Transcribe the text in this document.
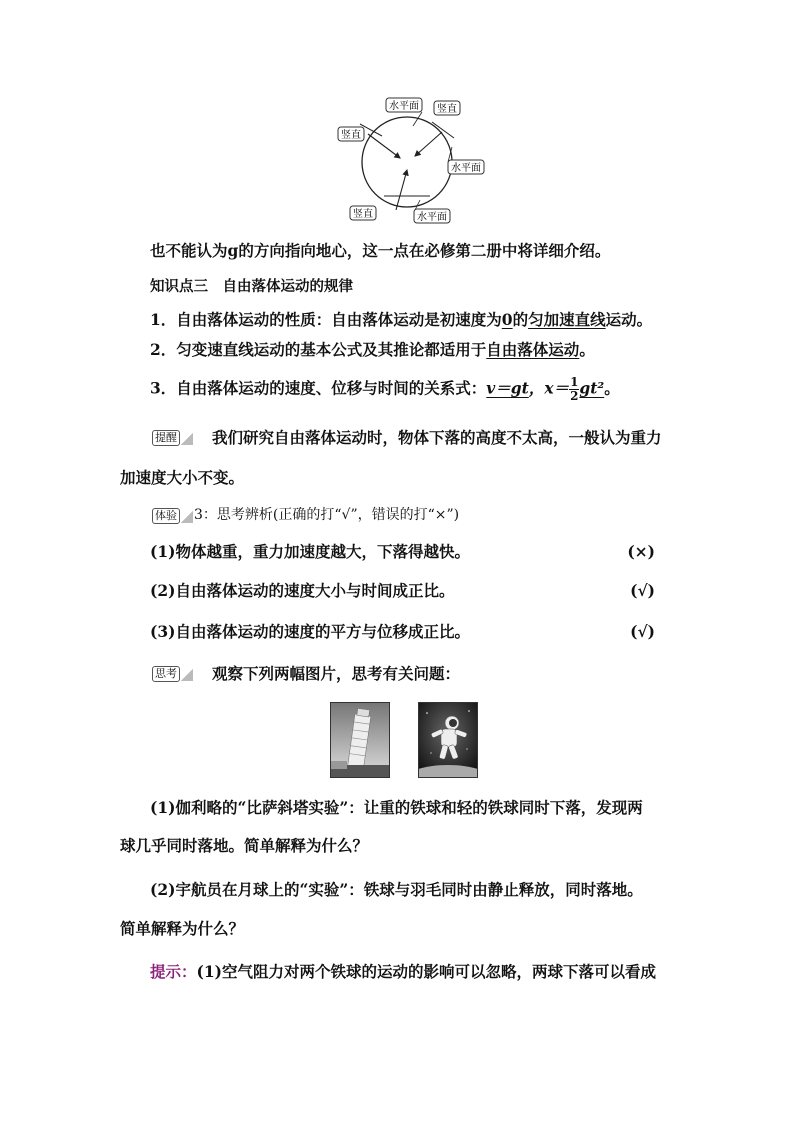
水平面 竖直
竖直
水平面
竖直	水平面
也不能认为g的方向指向地心，这一点在必修第二册中将详细介绍。
知识点三　自由落体运动的规律
1．自由落体运动的性质：自由落体运动是初速度为0的匀加速直线运动。
2．匀变速直线运动的基本公式及其推论都适用于自由落体运动。
3．自由落体运动的速度、位移与时间的关系式：v＝gt，$x= \frac{1}{2} gt^2$。
提醒 我们研究自由落体运动时，物体下落的高度不太高，一般认为重力
加速度大小不变。
体验 3：思考辨析(正确的打“√”，错误的打“×”)
(1)物体越重，重力加速度越大，下落得越快。	(×)
(2)自由落体运动的速度大小与时间成正比。	(√)
(3)自由落体运动的速度的平方与位移成正比。	(√)
思考 观察下列两幅图片，思考有关问题：
(1)伽利略的“比萨斜塔实验”：让重的铁球和轻的铁球同时下落，发现两
球几乎同时落地。简单解释为什么？
(2)宇航员在月球上的“实验”：铁球与羽毛同时由静止释放，同时落地。
简单解释为什么？
提示：(1)空气阻力对两个铁球的运动的影响可以忽略，两球下落可以看成
